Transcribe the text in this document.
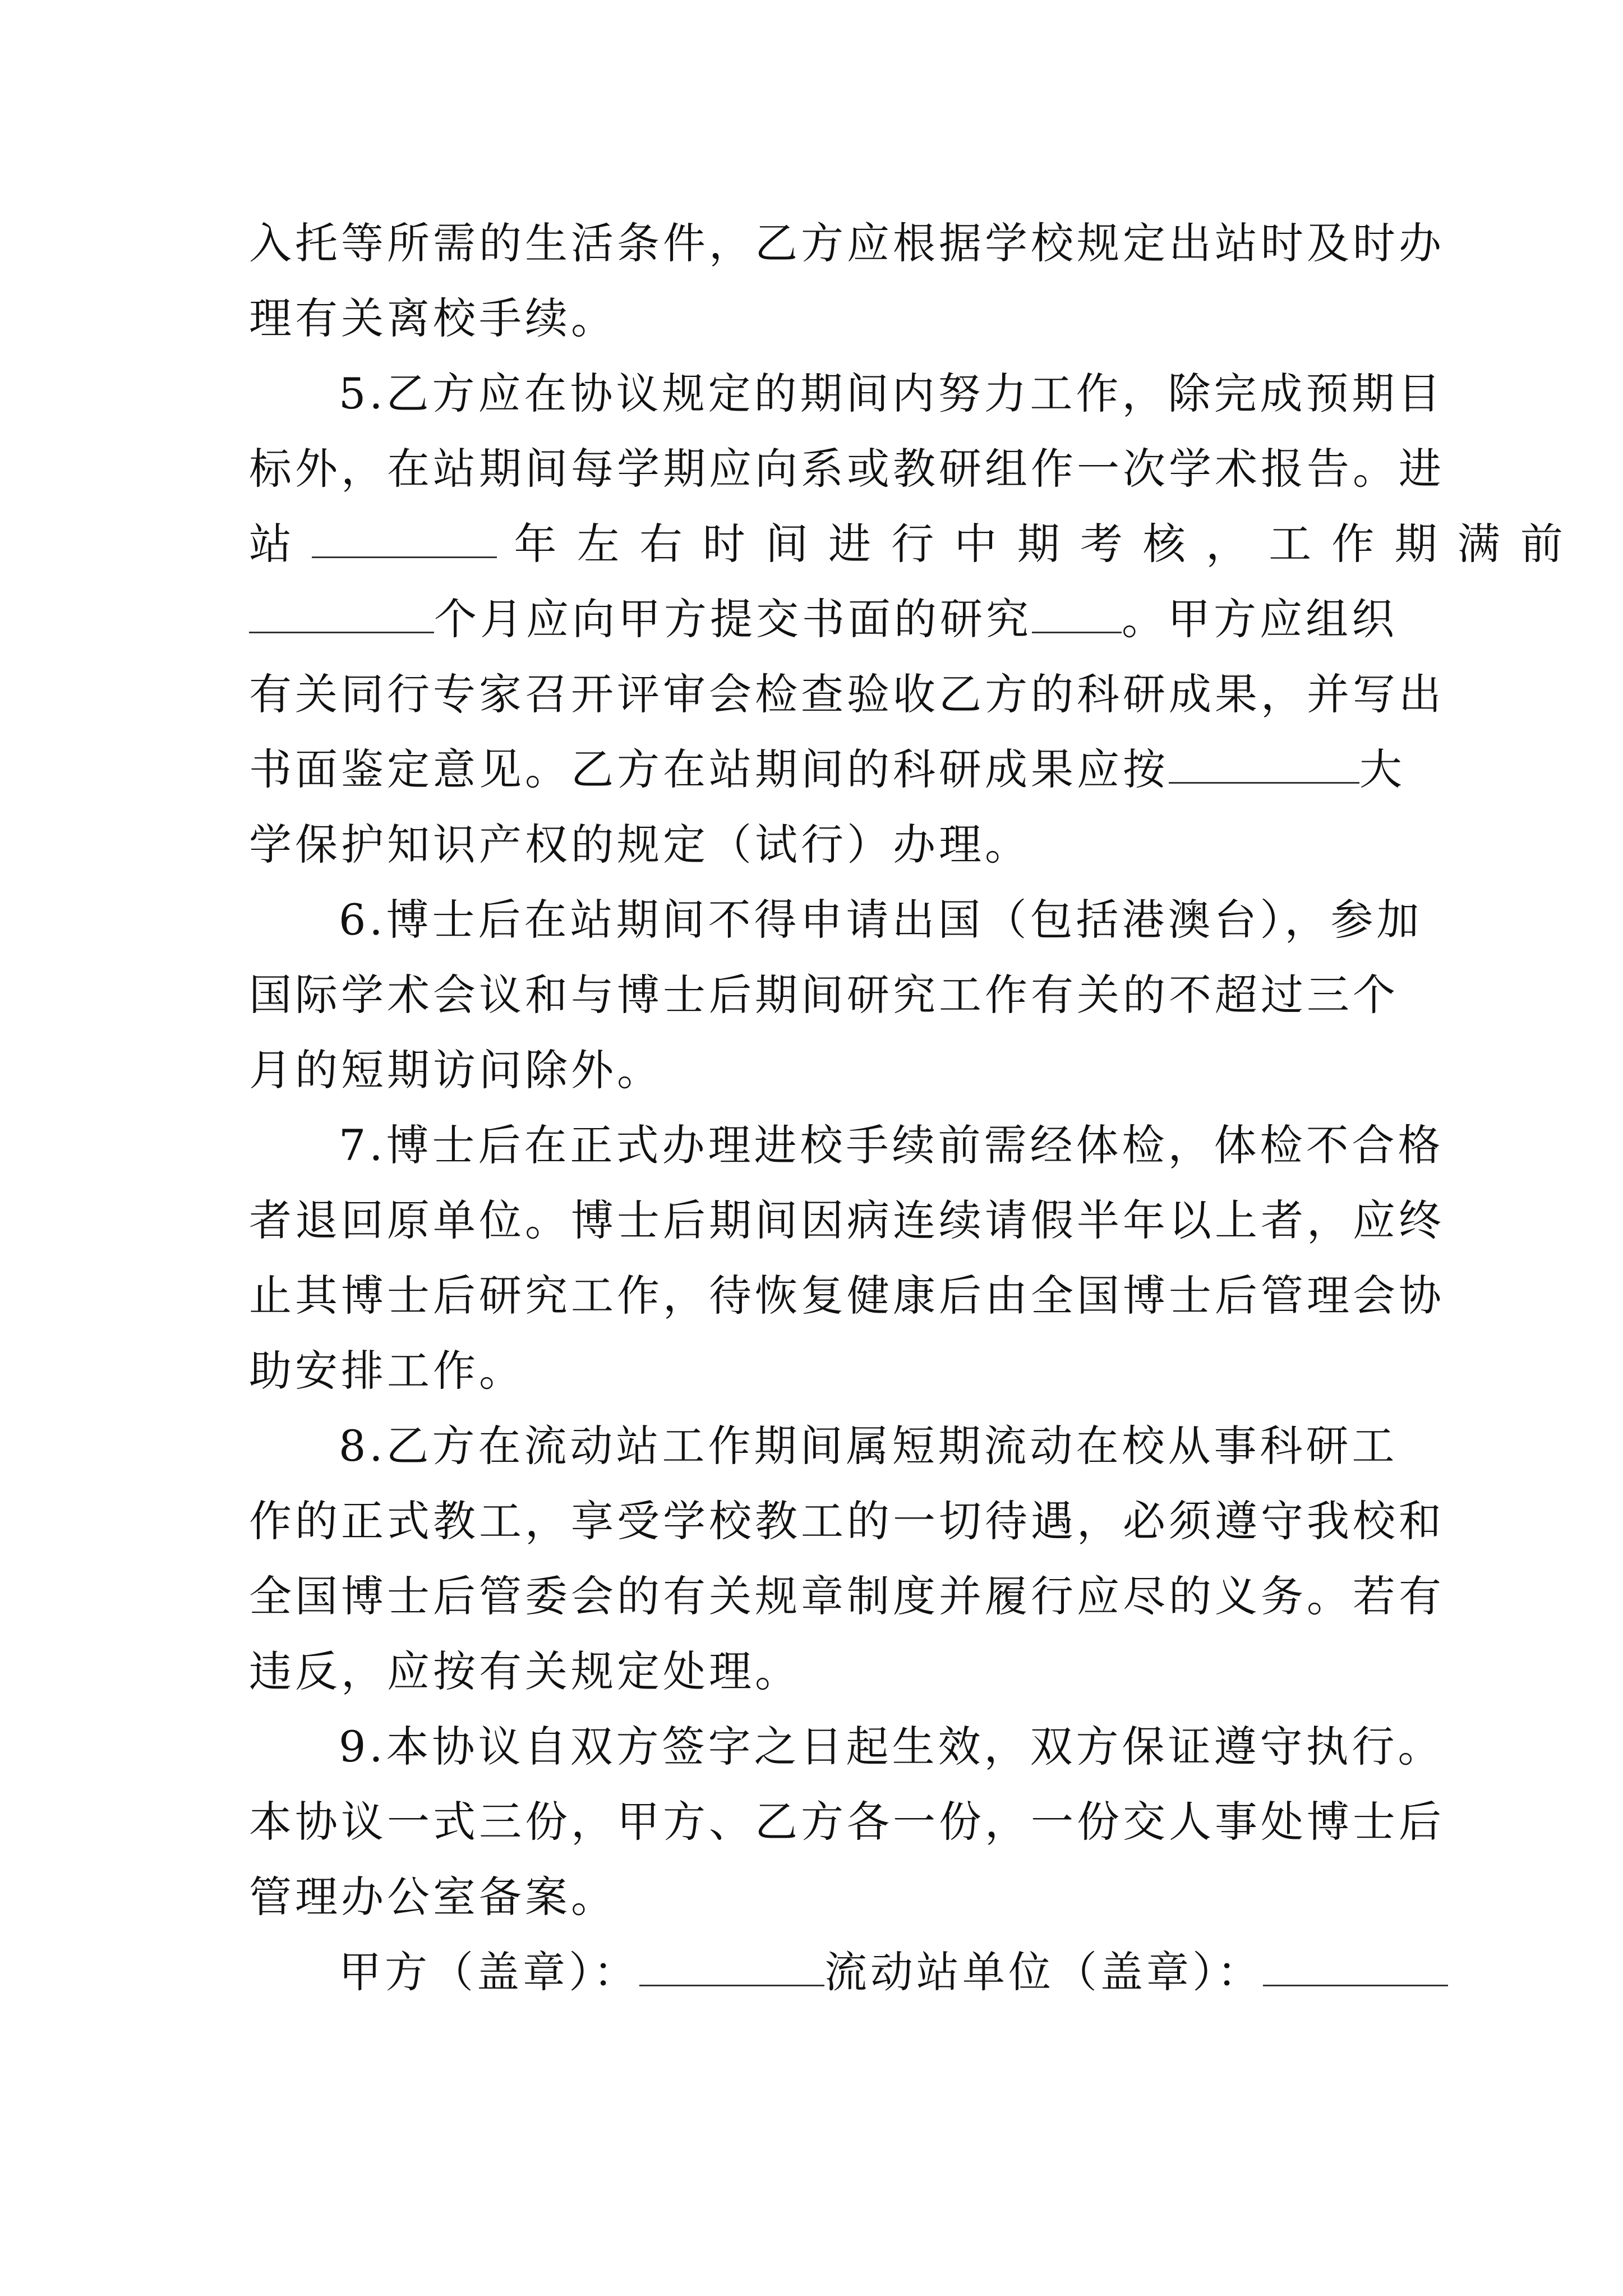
入托等所需的生活条件，乙方应根据学校规定出站时及时办
理有关离校手续。
5.乙方应在协议规定的期间内努力工作，除完成预期目
标外，在站期间每学期应向系或教研组作一次学术报告。进
站	年 左 右 时 间 进 行 中 期 考 核 ， 工 作 期 满 前
个月应向甲方提交书面的研究 。甲方应组织
有关同行专家召开评审会检查验收乙方的科研成果，并写出
书面鉴定意见。乙方在站期间的科研成果应按	大
学保护知识产权的规定（试行）办理。
6.博士后在站期间不得申请出国（包括港澳台），参加
国际学术会议和与博士后期间研究工作有关的不超过三个
月的短期访问除外。
7.博士后在正式办理进校手续前需经体检，体检不合格
者退回原单位。博士后期间因病连续请假半年以上者，应终
止其博士后研究工作，待恢复健康后由全国博士后管理会协
助安排工作。
8.乙方在流动站工作期间属短期流动在校从事科研工
作的正式教工，享受学校教工的一切待遇，必须遵守我校和
全国博士后管委会的有关规章制度并履行应尽的义务。若有
违反，应按有关规定处理。
9.本协议自双方签字之日起生效，双方保证遵守执行。
本协议一式三份，甲方、乙方各一份，一份交人事处博士后
管理办公室备案。
甲方（盖章）：	流动站单位（盖章）：
